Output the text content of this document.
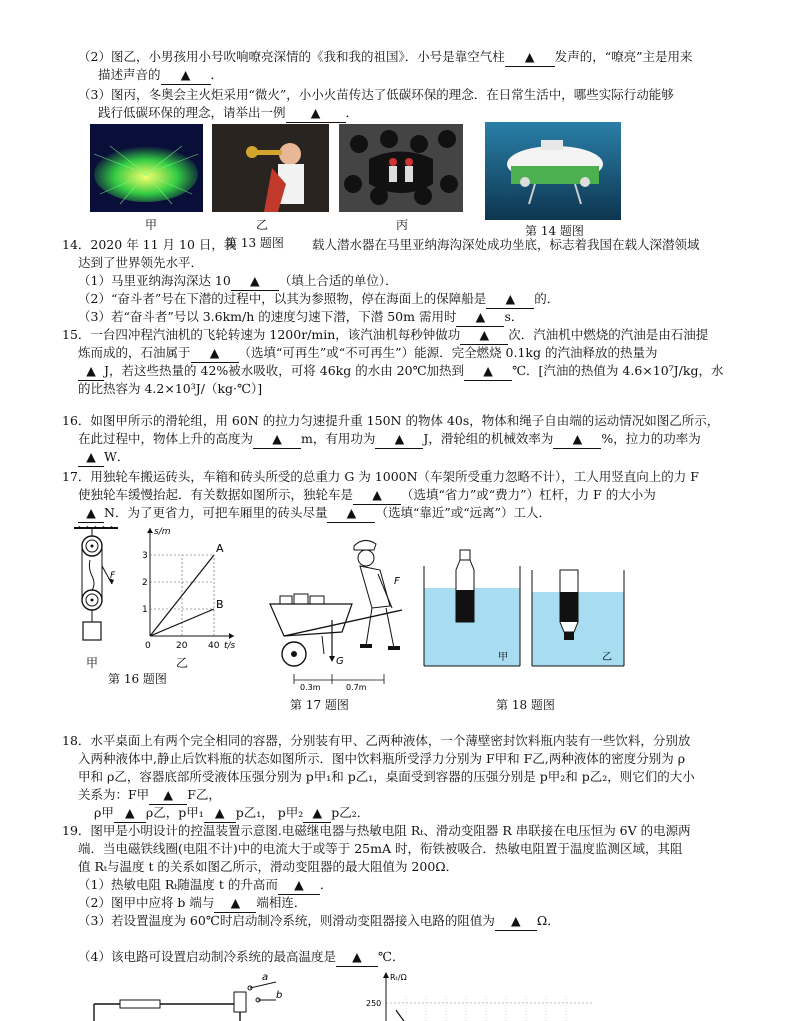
（2）图乙，小男孩用小号吹响嘹亮深情的《我和我的祖国》．小号是靠空气柱 ▲ 发声的，“嘹亮”主是用来
描述声音的 ▲ ．
（3）图丙，冬奥会主火炬采用“微火”，小小火苗传达了低碳环保的理念．在日常生活中，哪些实际行动能够
践行低碳环保的理念，请举出一例 ▲ ．
甲	乙	丙	第 14 题图
14．2020 年 11 月 10 日，我
第 13 题图 载人潜水器在马里亚纳海沟深处成功坐底，标志着我国在载人深潜领域
达到了世界领先水平．
（1）马里亚纳海沟深达 10 ▲ （填上合适的单位）．
（2）“奋斗者”号在下潜的过程中，以其为参照物，停在海面上的保障船是 ▲ 的．
（3）若“奋斗者”号以 3.6km/h 的速度匀速下潜，下潜 50m 需用时 ▲ s．
15．一台四冲程汽油机的飞轮转速为 1200r/min，该汽油机每秒钟做功 ▲ 次．汽油机中燃烧的汽油是由石油提
炼而成的，石油属于 ▲ （选填“可再生”或“不可再生”）能源．完全燃烧 0.1kg 的汽油释放的热量为
▲ J，若这些热量的 42%被水吸收，可将 46kg 的水由 20℃加热到 ▲ ℃．[汽油的热值为 4.6×10⁷J/kg，水
的比热容为 4.2×10³J/（kg·℃）]
16．如图甲所示的滑轮组，用 60N 的拉力匀速提升重 150N 的物体 40s，物体和绳子自由端的运动情况如图乙所示，
在此过程中，物体上升的高度为 ▲ m，有用功为 ▲ J，滑轮组的机械效率为 ▲ %，拉力的功率为
▲ W．
17．用独轮车搬运砖头，车箱和砖头所受的总重力 G 为 1000N（车架所受重力忽略不计），工人用竖直向上的力 F
使独轮车缓慢抬起．有关数据如图所示，独轮车是 ▲ （选填“省力”或“费力”）杠杆，力 F 的大小为
▲ N．为了更省力，可把车厢里的砖头尽量 ▲ （选填“靠近”或“远离”）工人．
F
甲
s/m
t/s
1
2
3
0	20 40
A
B
乙
第 16 题图
F
G
0.3m	0.7m
第 17 题图
甲	乙
第 18 题图
18．水平桌面上有两个完全相同的容器，分别装有甲、乙两种液体，一个薄壁密封饮料瓶内装有一些饮料，分别放
入两种液体中,静止后饮料瓶的状态如图所示．图中饮料瓶所受浮力分别为 F甲和 F乙,两种液体的密度分别为 ρ
甲和 ρ乙，容器底部所受液体压强分别为 p甲₁和 p乙₁，桌面受到容器的压强分别是 p甲₂和 p乙₂，则它们的大小
关系为：F甲 ▲ F乙，
ρ甲 ▲ ρ乙，p甲₁ ▲ p乙₁， p甲₂ ▲ p乙₂．
19．图甲是小明设计的控温装置示意图.电磁继电器与热敏电阻 Rₜ、滑动变阻器 R 串联接在电压恒为 6V 的电源两
端．当电磁铁线圈(电阻不计)中的电流大于或等于 25mA 时，衔铁被吸合．热敏电阻置于温度监测区域，其阻
值 Rₜ与温度 t 的关系如图乙所示，滑动变阻器的最大阻值为 200Ω．
（1）热敏电阻 Rₜ随温度 t 的升高而 ▲ ．
（2）图甲中应将 b 端与 ▲ 端相连．
（3）若设置温度为 60℃时启动制冷系统，则滑动变阻器接入电路的阻值为 ▲ Ω．
（4）该电路可设置启动制冷系统的最高温度是 ▲ ℃．
a
b
Rₜ/Ω
250
